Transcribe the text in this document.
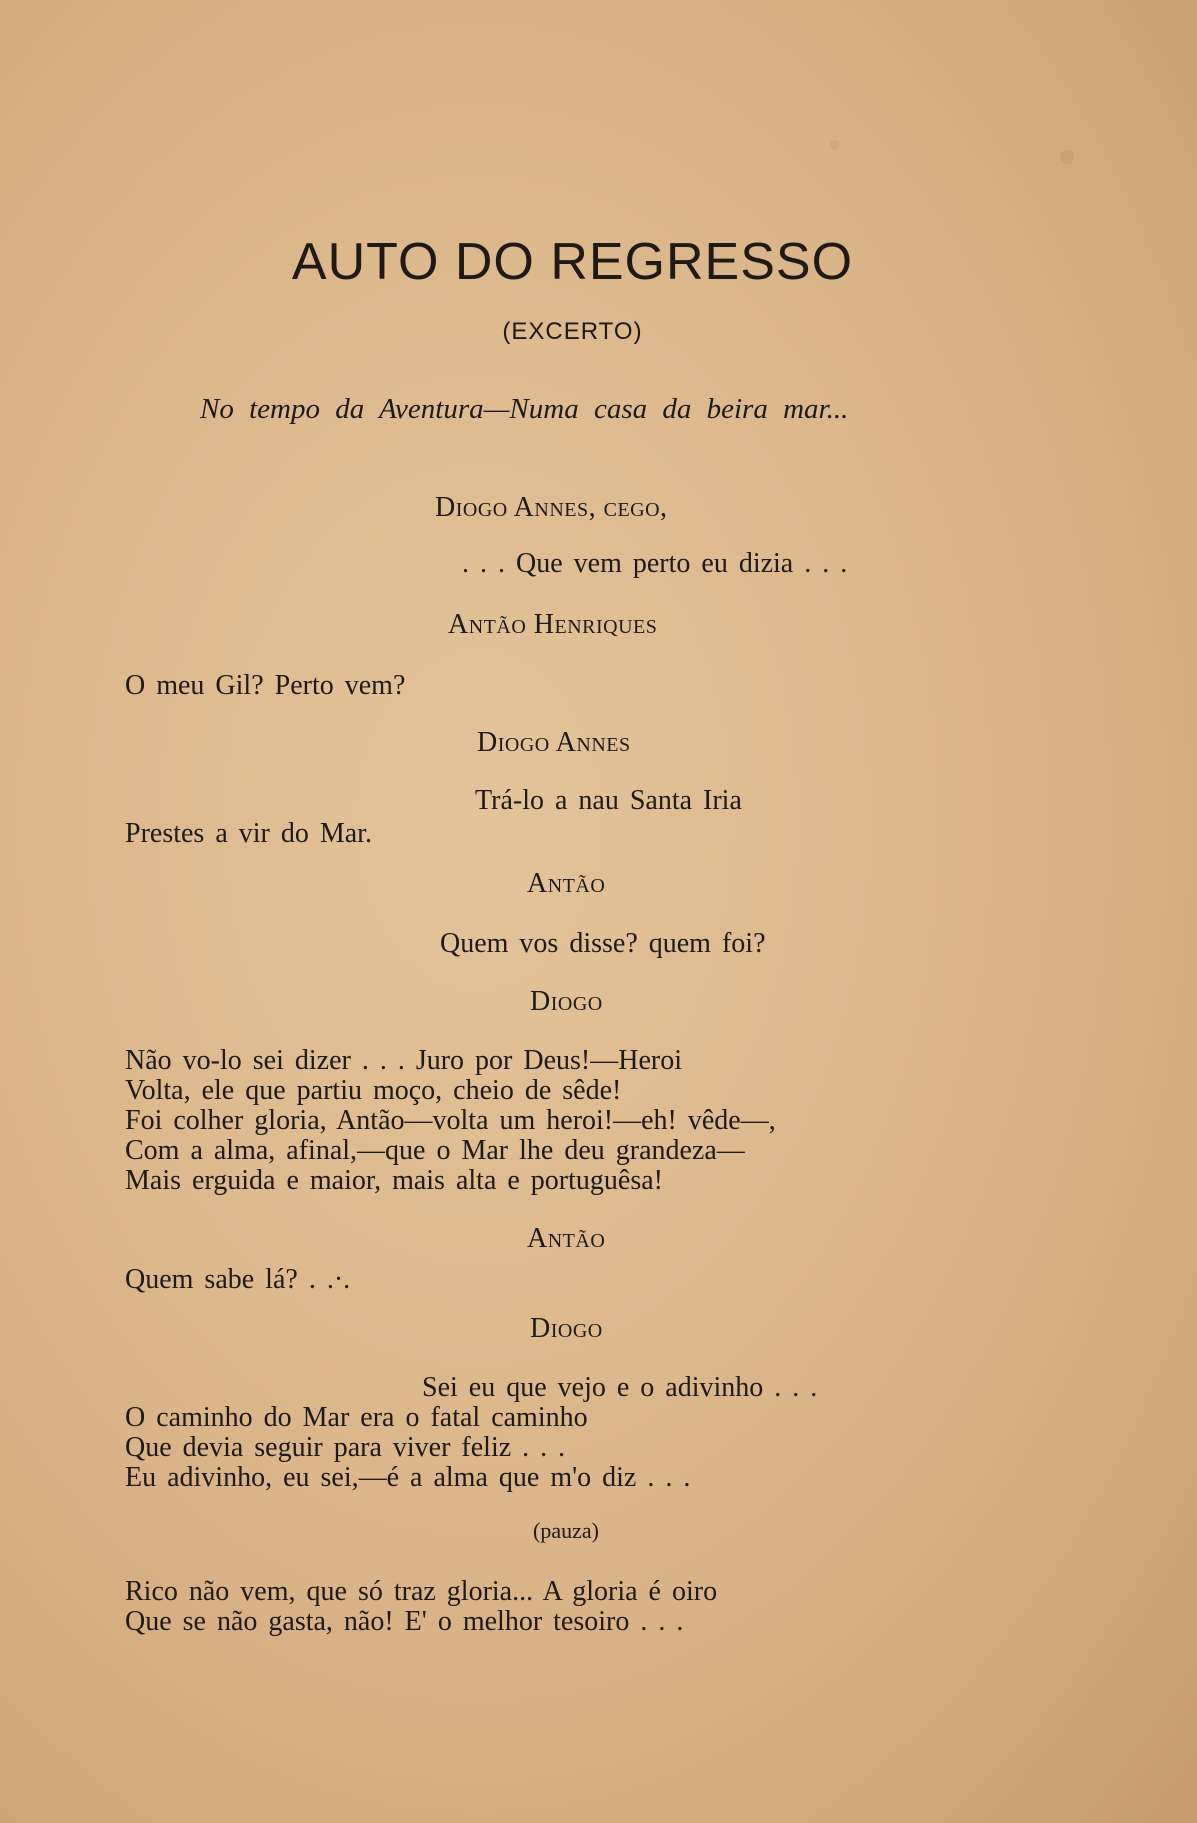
AUTO DO REGRESSO
(EXCERTO)
No tempo da Aventura—Numa casa da beira mar...
Diogo Annes, cego,
. . . Que vem perto eu dizia . . .
Antão Henriques
O meu Gil? Perto vem?
Diogo Annes
Trá-lo a nau Santa Iria
Prestes a vir do Mar.
Antão
Quem vos disse? quem foi?
Diogo
Não vo-lo sei dizer . . . Juro por Deus!—Heroi
Volta, ele que partiu moço, cheio de sêde!
Foi colher gloria, Antão—volta um heroi!—eh! vêde—,
Com a alma, afinal,—que o Mar lhe deu grandeza—
Mais erguida e maior, mais alta e portuguêsa!
Antão
Quem sabe lá? . .·.
Diogo
Sei eu que vejo e o adivinho . . .
O caminho do Mar era o fatal caminho
Que devia seguir para viver feliz . . .
Eu adivinho, eu sei,—é a alma que m'o diz . . .
(pauza)
Rico não vem, que só traz gloria... A gloria é oiro
Que se não gasta, não! E' o melhor tesoiro . . .
